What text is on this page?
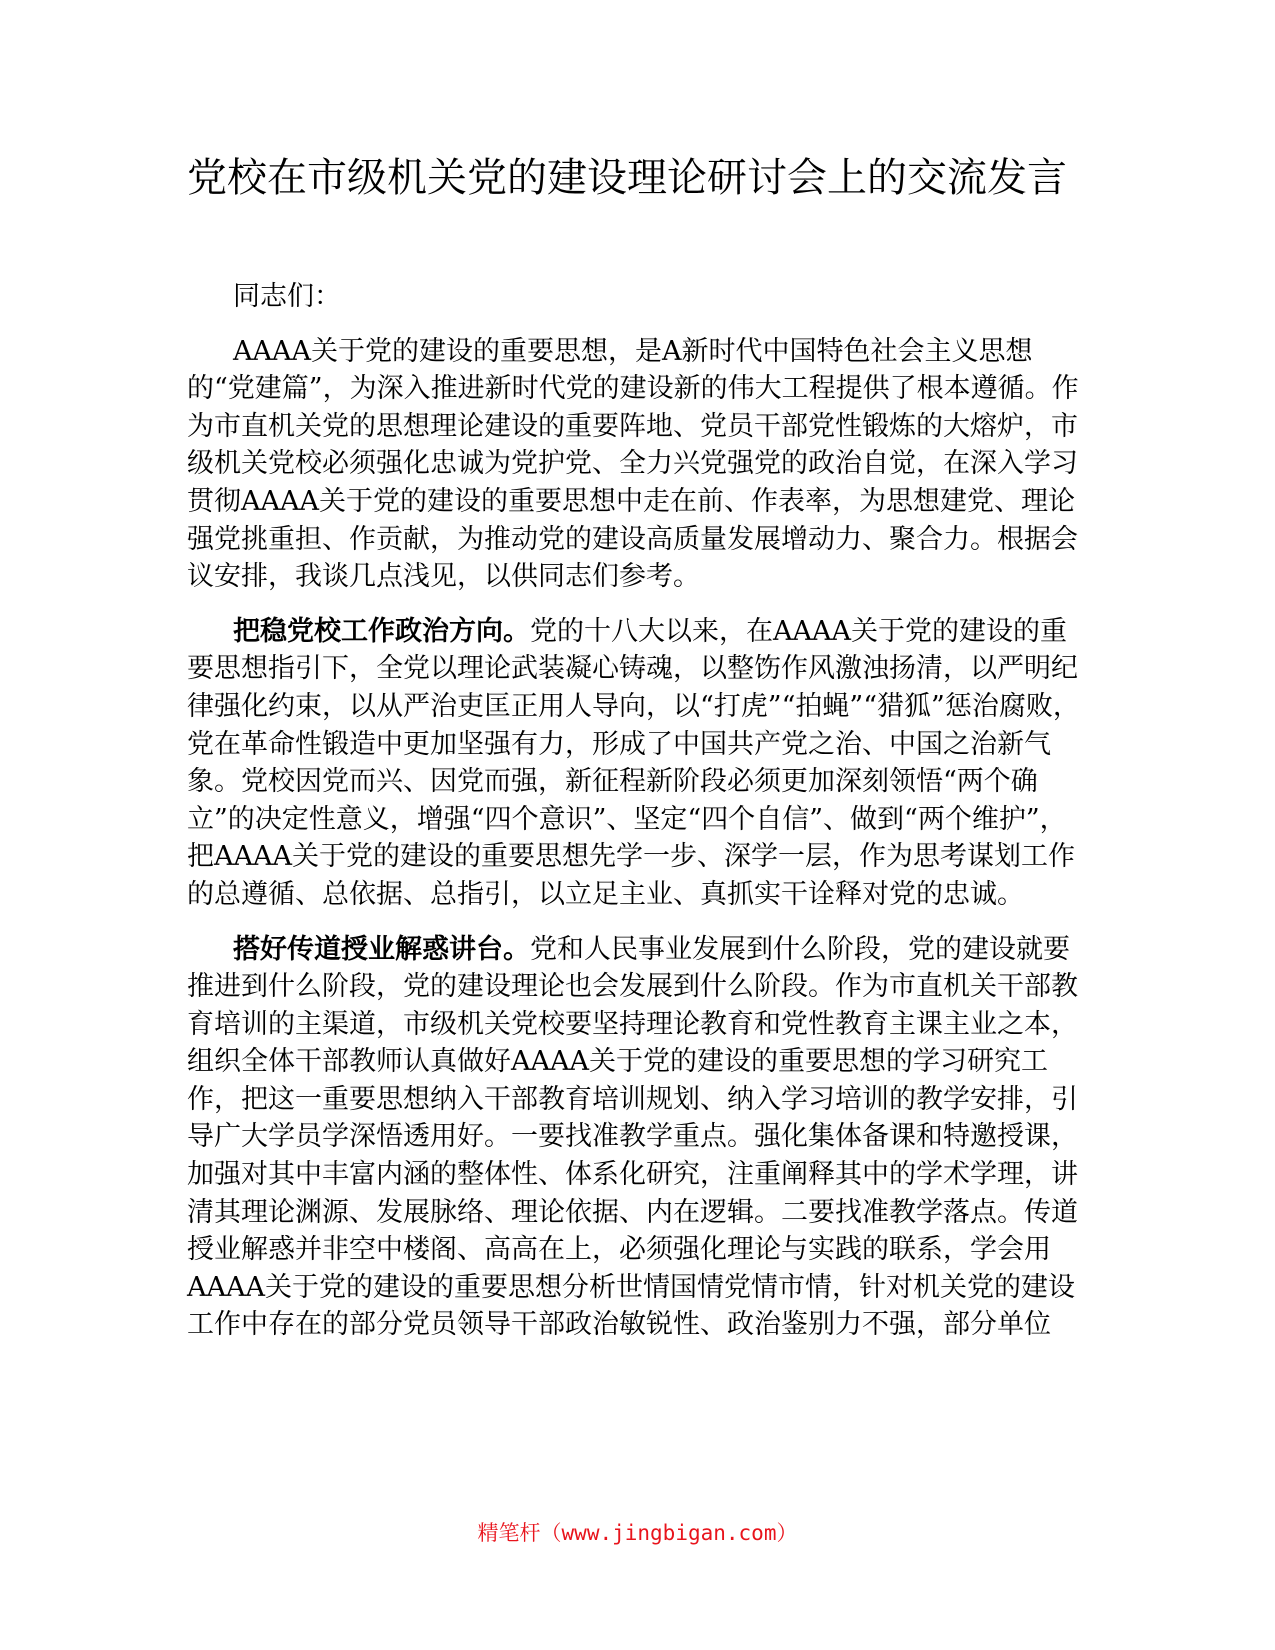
党校在市级机关党的建设理论研讨会上的交流发言

同志们：

AAAA关于党的建设的重要思想，是A新时代中国特色社会主义思想的“党建篇”，为深入推进新时代党的建设新的伟大工程提供了根本遵循。作为市直机关党的思想理论建设的重要阵地、党员干部党性锻炼的大熔炉，市级机关党校必须强化忠诚为党护党、全力兴党强党的政治自觉，在深入学习贯彻AAAA关于党的建设的重要思想中走在前、作表率，为思想建党、理论强党挑重担、作贡献，为推动党的建设高质量发展增动力、聚合力。根据会议安排，我谈几点浅见，以供同志们参考。

把稳党校工作政治方向。党的十八大以来，在AAAA关于党的建设的重要思想指引下，全党以理论武装凝心铸魂，以整饬作风激浊扬清，以严明纪律强化约束，以从严治吏匡正用人导向，以“打虎”“拍蝇”“猎狐”惩治腐败，党在革命性锻造中更加坚强有力，形成了中国共产党之治、中国之治新气象。党校因党而兴、因党而强，新征程新阶段必须更加深刻领悟“两个确立”的决定性意义，增强“四个意识”、坚定“四个自信”、做到“两个维护”，把AAAA关于党的建设的重要思想先学一步、深学一层，作为思考谋划工作的总遵循、总依据、总指引，以立足主业、真抓实干诠释对党的忠诚。

搭好传道授业解惑讲台。党和人民事业发展到什么阶段，党的建设就要推进到什么阶段，党的建设理论也会发展到什么阶段。作为市直机关干部教育培训的主渠道，市级机关党校要坚持理论教育和党性教育主课主业之本，组织全体干部教师认真做好AAAA关于党的建设的重要思想的学习研究工作，把这一重要思想纳入干部教育培训规划、纳入学习培训的教学安排，引导广大学员学深悟透用好。一要找准教学重点。强化集体备课和特邀授课，加强对其中丰富内涵的整体性、体系化研究，注重阐释其中的学术学理，讲清其理论渊源、发展脉络、理论依据、内在逻辑。二要找准教学落点。传道授业解惑并非空中楼阁、高高在上，必须强化理论与实践的联系，学会用AAAA关于党的建设的重要思想分析世情国情党情市情，针对机关党的建设工作中存在的部分党员领导干部政治敏锐性、政治鉴别力不强，部分单位

精笔杆（www.jingbigan.com）
